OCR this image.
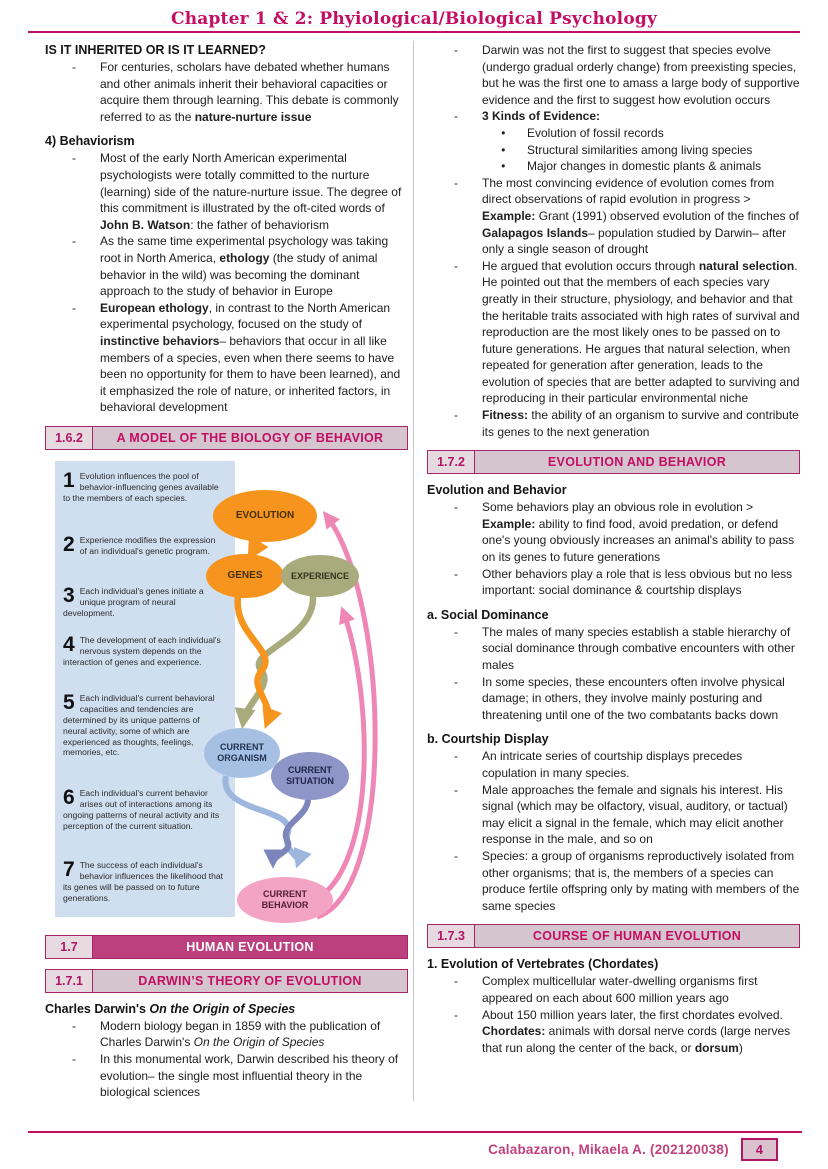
Chapter 1 & 2: Phyiological/Biological Psychology
IS IT INHERITED OR IS IT LEARNED?
-	For centuries, scholars have debated whether humans and other animals inherit their behavioral capacities or acquire them through learning. This debate is commonly referred to as the nature-nurture issue
4) Behaviorism
-	Most of the early North American experimental psychologists were totally committed to the nurture (learning) side of the nature-nurture issue. The degree of this commitment is illustrated by the oft-cited words of John B. Watson: the father of behaviorism
-	As the same time experimental psychology was taking root in North America, ethology (the study of animal behavior in the wild) was becoming the dominant approach to the study of behavior in Europe
-	European ethology, in contrast to the North American experimental psychology, focused on the study of instinctive behaviors– behaviors that occur in all like members of a species, even when there seems to have been no opportunity for them to have been learned), and it emphasized the role of nature, or inherited factors, in behavioral development
1.6.2	A MODEL OF THE BIOLOGY OF BEHAVIOR
1 Evolution influences the pool of behavior-influencing genes available to the members of each species.
2 Experience modifies the expression of an individual's genetic program.
3 Each individual's genes initiate a unique program of neural development.
4 The development of each individual's nervous system depends on the interaction of genes and experience.
5 Each individual's current behavioral capacities and tendencies are determined by its unique patterns of neural activity, some of which are experienced as thoughts, feelings, memories, etc.
6 Each individual's current behavior arises out of interactions among its ongoing patterns of neural activity and its perception of the current situation.
7 The success of each individual's behavior influences the likelihood that its genes will be passed on to future generations.
EVOLUTION
GENES	EXPERIENCE
CURRENT ORGANISM
CURRENT SITUATION
CURRENT BEHAVIOR
1.7	HUMAN EVOLUTION
1.7.1	DARWIN’S THEORY OF EVOLUTION
Charles Darwin's On the Origin of Species
-	Modern biology began in 1859 with the publication of Charles Darwin's On the Origin of Species
-	In this monumental work, Darwin described his theory of evolution– the single most influential theory in the biological sciences
-	Darwin was not the first to suggest that species evolve (undergo gradual orderly change) from preexisting species, but he was the first one to amass a large body of supportive evidence and the first to suggest how evolution occurs
-	3 Kinds of Evidence:
●	Evolution of fossil records
●	Structural similarities among living species
●	Major changes in domestic plants & animals
-	The most convincing evidence of evolution comes from direct observations of rapid evolution in progress > Example: Grant (1991) observed evolution of the finches of Galapagos Islands– population studied by Darwin– after only a single season of drought
-	He argued that evolution occurs through natural selection. He pointed out that the members of each species vary greatly in their structure, physiology, and behavior and that the heritable traits associated with high rates of survival and reproduction are the most likely ones to be passed on to future generations. He argues that natural selection, when repeated for generation after generation, leads to the evolution of species that are better adapted to surviving and reproducing in their particular environmental niche
-	Fitness: the ability of an organism to survive and contribute its genes to the next generation
1.7.2	EVOLUTION AND BEHAVIOR
Evolution and Behavior
-	Some behaviors play an obvious role in evolution > Example: ability to find food, avoid predation, or defend one's young obviously increases an animal's ability to pass on its genes to future generations
-	Other behaviors play a role that is less obvious but no less important: social dominance & courtship displays
a. Social Dominance
-	The males of many species establish a stable hierarchy of social dominance through combative encounters with other males
-	In some species, these encounters often involve physical damage; in others, they involve mainly posturing and threatening until one of the two combatants backs down
b. Courtship Display
-	An intricate series of courtship displays precedes copulation in many species.
-	Male approaches the female and signals his interest. His signal (which may be olfactory, visual, auditory, or tactual) may elicit a signal in the female, which may elicit another response in the male, and so on
-	Species: a group of organisms reproductively isolated from other organisms; that is, the members of a species can produce fertile offspring only by mating with members of the same species
1.7.3	COURSE OF HUMAN EVOLUTION
1. Evolution of Vertebrates (Chordates)
-	Complex multicellular water-dwelling organisms first appeared on each about 600 million years ago
-	About 150 million years later, the first chordates evolved. Chordates: animals with dorsal nerve cords (large nerves that run along the center of the back, or dorsum)
Calabazaron, Mikaela A. (202120038)	4
